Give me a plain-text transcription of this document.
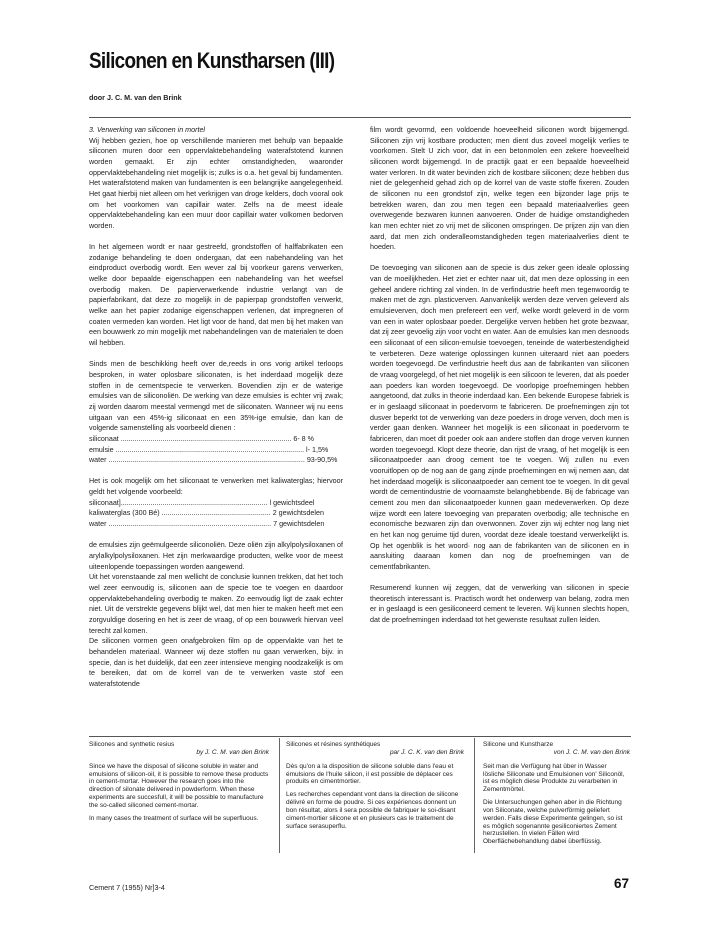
Siliconen en Kunstharsen (III)
door J. C. M. van den Brink

3. Verwerking van siliconen in mortel

Wij hebben gezien, hoe op verschillende manieren met behulp van bepaalde siliconen muren door een oppervlaktebehandeling waterafstotend kunnen worden gemaakt. Er zijn echter omstandigheden, waaronder oppervlaktebehandeling niet mogelijk is; zulks is o.a. het geval bij fundamenten. Het waterafstotend maken van fundamenten is een belangrijke aangelegenheid. Het gaat hierbij niet alleen om het verkrijgen van droge kelders, doch vooral ook om het voorkomen van capillair water. Zelfs na de meest ideale oppervlaktebehandeling kan een muur door capillair water volkomen bedorven worden.

In het algemeen wordt er naar gestreefd, grondstoffen of halffabrikaten een zodanige behandeling te doen ondergaan, dat een nabehandeling van het eindproduct overbodig wordt. Een wever zal bij voorkeur garens verwerken, welke door bepaalde eigenschappen een nabehandeling van het weefsel overbodig maken. De papierverwerkende industrie verlangt van de papierfabrikant, dat deze zo mogelijk in de papierpap grondstoffen verwerkt, welke aan het papier zodanige eigenschappen verlenen, dat impregneren of coaten vermeden kan worden. Het ligt voor de hand, dat men bij het maken van een bouwwerk zo min mogelijk met nabehandelingen van de materialen te doen wil hebben.

Sinds men de beschikking heeft over de,reeds in ons vorig artikel terloops besproken, in water oplosbare siliconaten, is het inderdaad mogelijk deze stoffen in de cementspecie te verwerken. Bovendien zijn er de waterige emulsies van de siliconoliën. De werking van deze emulsies is echter vrij zwak; zij worden daarom meestal vermengd met de siliconaten. Wanneer wij nu eens uitgaan van een 45%-ig siliconaat en een 35%-ige emulsie, dan kan de volgende samenstelling als voorbeeld dienen :

siliconaat ...................................................................................... 6- 8 %
emulsie ............................................................................................... l- 1,5%
water ................................................................................................... 93-90,5%

Het is ook mogelijk om het siliconaat te verwerken met kaliwaterglas; hiervoor geldt het volgende voorbeeld:

siliconaat].......................................................................... l gewichtsdeel
kaliwaterglas (300 Bé) ....................................................... 2 gewichtsdelen
water .................................................................................. 7 gewichtsdelen

de emulsies zijn geëmulgeerde siliconoliën. Deze oliën zijn alkylpolysiloxanen of arylalkylpolysiloxanen. Het zijn merkwaardige producten, welke voor de meest uiteenlopende toepassingen worden aangewend.

Uit het vorenstaande zal men wellicht de conclusie kunnen trekken, dat het toch wel zeer eenvoudig is, siliconen aan de specie toe te voegen en daardoor oppervlaktebehandeling overbodig te maken. Zo eenvoudig ligt de zaak echter niet. Uit de verstrekte gegevens blijkt wel, dat men hier te maken heeft met een zorgvuldige dosering en het is zeer de vraag, of op een bouwwerk hiervan veel terecht zal komen.

De siliconen vormen geen onafgebroken film op de oppervlakte van het te behandelen materiaal. Wanneer wij deze stoffen nu gaan verwerken, bijv. in specie, dan is het duidelijk, dat een zeer intensieve menging noodzakelijk is om te bereiken, dat om de korrel van de te verwerken vaste stof een waterafstotende

film wordt gevormd, een voldoende hoeveelheid siliconen wordt bijgemengd. Siliconen zijn vrij kostbare producten; men dient dus zoveel mogelijk verlies te voorkomen. Stelt U zich voor, dat in een betonmolen een zekere hoeveelheid siliconen wordt bijgemengd. In de practijk gaat er een bepaalde hoeveelheid water verloren. In dit water bevinden zich de kostbare siliconen; deze hebben dus niet de gelegenheid gehad zich op de korrel van de vaste stoffe fixeren. Zouden de siliconen nu een grondstof zijn, welke tegen een bijzonder lage prijs te betrekken waren, dan zou men tegen een bepaald materiaalverlies geen overwegende bezwaren kunnen aanvoeren. Onder de huidige omstandigheden kan men echter niet zo vrij met de siliconen omspringen. De prijzen zijn van dien aard, dat men zich onderalleomstandigheden tegen materiaalverlies dient te hoeden.

De toevoeging van siliconen aan de specie is dus zeker geen ideale oplossing van de moeilijkheden. Het ziet er echter naar uit, dat men deze oplossing in een geheel andere richting zal vinden. In de verfindustrie heeft men tegenwoordig te maken met de zgn. plasticverven. Aanvankelijk werden deze verven geleverd als emulsieverven, doch men prefereert een verf, welke wordt geleverd in de vorm van een in water oplosbaar poeder. Dergelijke verven hebben het grote bezwaar, dat zij zeer gevoelig zijn voor vocht en water. Aan de emulsies kan men desnoods een siliconaat of een silicon-emulsie toevoegen, teneinde de waterbestendigheid te verbeteren. Deze waterige oplossingen kunnen uiteraard niet aan poeders worden toegevoegd. De verfindustrie heeft dus aan de fabrikanten van siliconen de vraag voorgelegd, of het niet mogelijk is een silicoon te leveren, dat als poeder aan poeders kan worden toegevoegd. De voorlopige proefnemingen hebben aangetoond, dat zulks in theorie inderdaad kan. Een bekende Europese fabriek is er in geslaagd siliconaat in poedervorm te fabriceren. De proefnemingen zijn tot dusver beperkt tot de verwerking van deze poeders in droge verven, doch men is verder gaan denken. Wanneer het mogelijk is een siliconaat in poedervorm te fabriceren, dan moet dit poeder ook aan andere stoffen dan droge verven kunnen worden toegevoegd. Klopt deze theorie, dan rijst de vraag, of het mogelijk is een siliconaatpoeder aan droog cement toe te voegen. Wij zullen nu even vooruitlopen op de nog aan de gang zijnde proefnemingen en wij nemen aan, dat het inderdaad mogelijk is siliconaatpoeder aan cement toe te voegen. In dit geval wordt de cementindustrie de voornaamste belanghebbende. Bij de fabricage van cement zou men dan siliconaatpoeder kunnen gaan medeverwerken. Op deze wijze wordt een latere toevoeging van preparaten overbodig; alle technische en economische bezwaren zijn dan overwonnen. Zover zijn wij echter nog lang niet en het kan nog geruime tijd duren, voordat deze ideale toestand verwerkelijkt is. Op het ogenblik is het woord· nog aan de fabrikanten van de siliconen en in aansluiting daaraan komen dan nog de proefnemingen van de cementfabrikanten.

Resumerend kunnen wij zeggen, dat de verwerking van siliconen in specie theoretisch interessant is. Practisch wordt het onderwerp van belang, zodra men er in geslaagd is een gesiliconeerd cement te leveren. Wij kunnen slechts hopen, dat de proefnemingen inderdaad tot het gewenste resultaat zullen leiden.

Silicones and synthetic resius

by J. C. M. van den Brink

Since we have the disposal of silicone soluble in water and emulsions of silicon-oil, it is possible to remove these products in cement-mortar. However the research goes into the direction of silonate delivered in powderform. When these experiments are succesfull, it will be possible to manufacture the so-called siliconed cement-mortar.

In many cases the treatment of surface will be superfluous.

Silicones et résines synthétiques

par J. C. K. van den Brink

Dès qu'on a la disposition de silicone soluble dans l'eau et émulsions de l'huile silicon, il est possible de déplacer ces produits en cimentmortier.

Les recherches cependant vont dans la direction de silicone délivré en forme de poudre. Si ces expériences donnent un bon résultat, alors il sera possible de fabriquer le soi-disant ciment-mortier silicone et en plusieurs cas le traitement de surface serasuperflu.

Silicone und Kunstharze

von J. C. M. van den Brink

Seit man die Verfügung hat über in Wasser lösliche Siliconate und Emulsionen von' Siliconöl, ist es möglich diese Produkte zu verarbeiten in Zementmörtel.

Die Untersuchungen gehen aber in die Richtung von Siliconate, welche pulverförmig geliefert werden. Falls diese Experimente gelingen, so ist es möglich sogenannte gesiliconiertes Zement herzustellen. In vielen Fällen wird Oberflächebehandlung dabei überflüssig.

Cement 7 (1955) Nr]3-4	67
